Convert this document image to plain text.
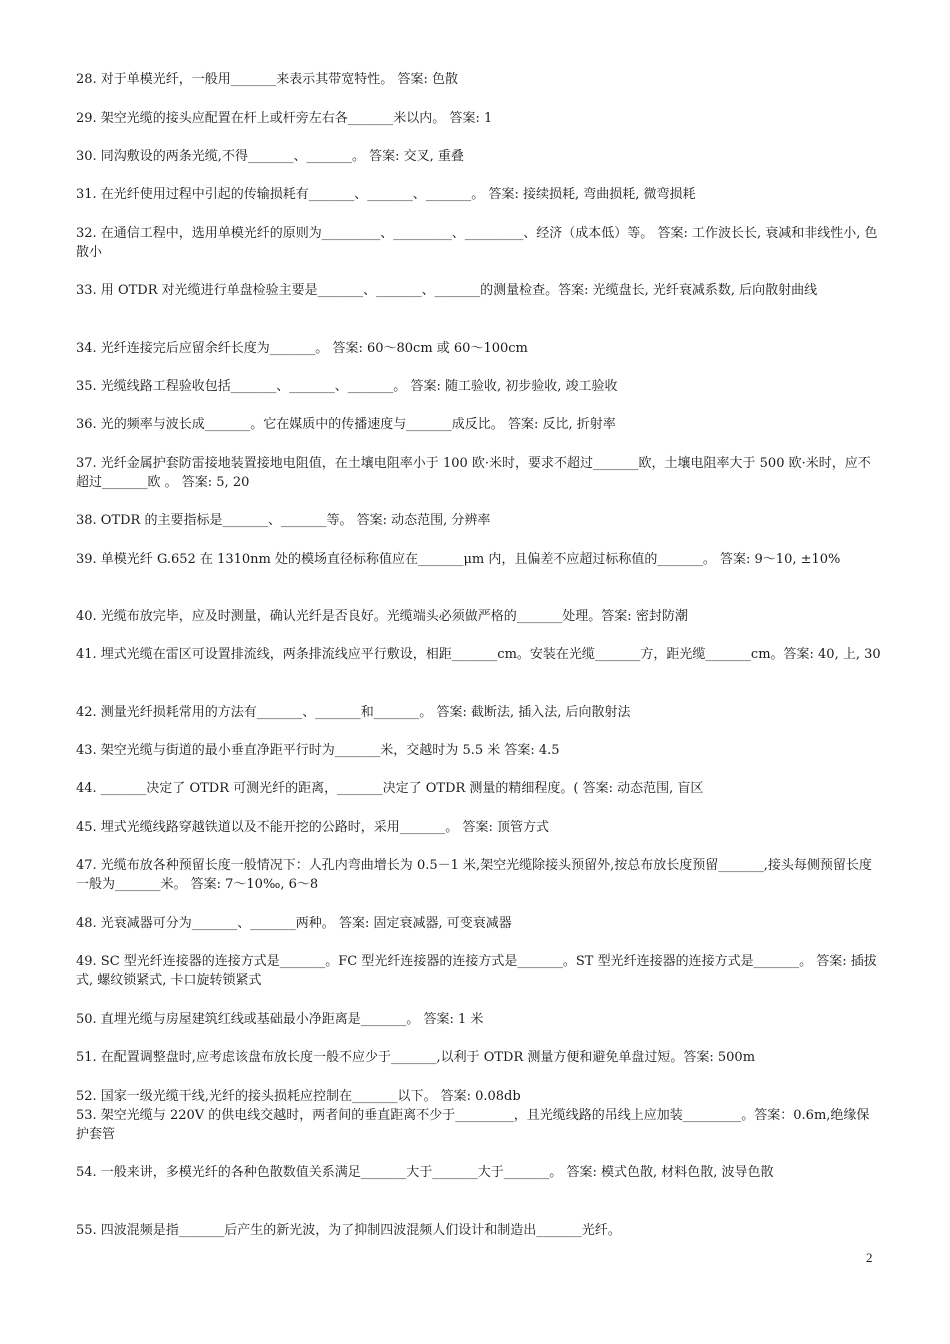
28. 对于单模光纤，一般用_______来表示其带宽特性。 答案: 色散
29. 架空光缆的接头应配置在杆上或杆旁左右各_______米以内。 答案: 1
30. 同沟敷设的两条光缆,不得_______、_______。 答案: 交叉, 重叠
31. 在光纤使用过程中引起的传输损耗有_______、_______、_______。 答案: 接续损耗, 弯曲损耗, 微弯损耗
32. 在通信工程中，选用单模光纤的原则为_________、_________、_________、经济（成本低）等。 答案: 工作波长长, 衰减和非线性小, 色散小
33. 用 OTDR 对光缆进行单盘检验主要是_______、_______、_______的测量检查。答案: 光缆盘长, 光纤衰减系数, 后向散射曲线
34. 光纤连接完后应留余纤长度为_______。 答案: 60～80cm 或 60～100cm
35. 光缆线路工程验收包括_______、_______、_______。 答案: 随工验收, 初步验收, 竣工验收
36. 光的频率与波长成_______。它在媒质中的传播速度与_______成反比。 答案: 反比, 折射率
37. 光纤金属护套防雷接地装置接地电阻值，在土壤电阻率小于 100 欧·米时，要求不超过_______欧，土壤电阻率大于 500 欧·米时，应不超过_______欧 。 答案: 5, 20
38. OTDR 的主要指标是_______、_______等。 答案: 动态范围, 分辨率
39. 单模光纤 G.652 在 1310nm 处的模场直径标称值应在_______μm 内，且偏差不应超过标称值的_______。 答案: 9～10, ±10%
40. 光缆布放完毕，应及时测量，确认光纤是否良好。光缆端头必须做严格的_______处理。答案: 密封防潮
41. 埋式光缆在雷区可设置排流线，两条排流线应平行敷设，相距_______cm。安装在光缆_______方，距光缆_______cm。答案: 40, 上, 30
42. 测量光纤损耗常用的方法有_______、_______和_______。 答案: 截断法, 插入法, 后向散射法
43. 架空光缆与街道的最小垂直净距平行时为_______米，交越时为 5.5 米 答案: 4.5
44. _______决定了 OTDR 可测光纤的距离，_______决定了 OTDR 测量的精细程度。( 答案: 动态范围, 盲区
45. 埋式光缆线路穿越铁道以及不能开挖的公路时，采用_______。 答案: 顶管方式
47. 光缆布放各种预留长度一般情况下：人孔内弯曲增长为 0.5－1 米,架空光缆除接头预留外,按总布放长度预留_______,接头每侧预留长度一般为_______米。 答案: 7～10‰, 6～8
48. 光衰减器可分为_______、_______两种。 答案: 固定衰减器, 可变衰减器
49. SC 型光纤连接器的连接方式是_______。FC 型光纤连接器的连接方式是_______。ST 型光纤连接器的连接方式是_______。 答案: 插拔式, 螺纹锁紧式, 卡口旋转锁紧式
50. 直埋光缆与房屋建筑红线或基础最小净距离是_______。 答案: 1 米
51. 在配置调整盘时,应考虑该盘布放长度一般不应少于_______,以利于 OTDR 测量方便和避免单盘过短。答案: 500m
52. 国家一级光缆干线,光纤的接头损耗应控制在_______以下。 答案: 0.08db
53. 架空光缆与 220V 的供电线交越时，两者间的垂直距离不少于_________，且光缆线路的吊线上应加装_________。答案：0.6m,绝缘保护套管
54. 一般来讲，多模光纤的各种色散数值关系满足_______大于_______大于_______。 答案: 模式色散, 材料色散, 波导色散
55. 四波混频是指_______后产生的新光波，为了抑制四波混频人们设计和制造出_______光纤。
2
